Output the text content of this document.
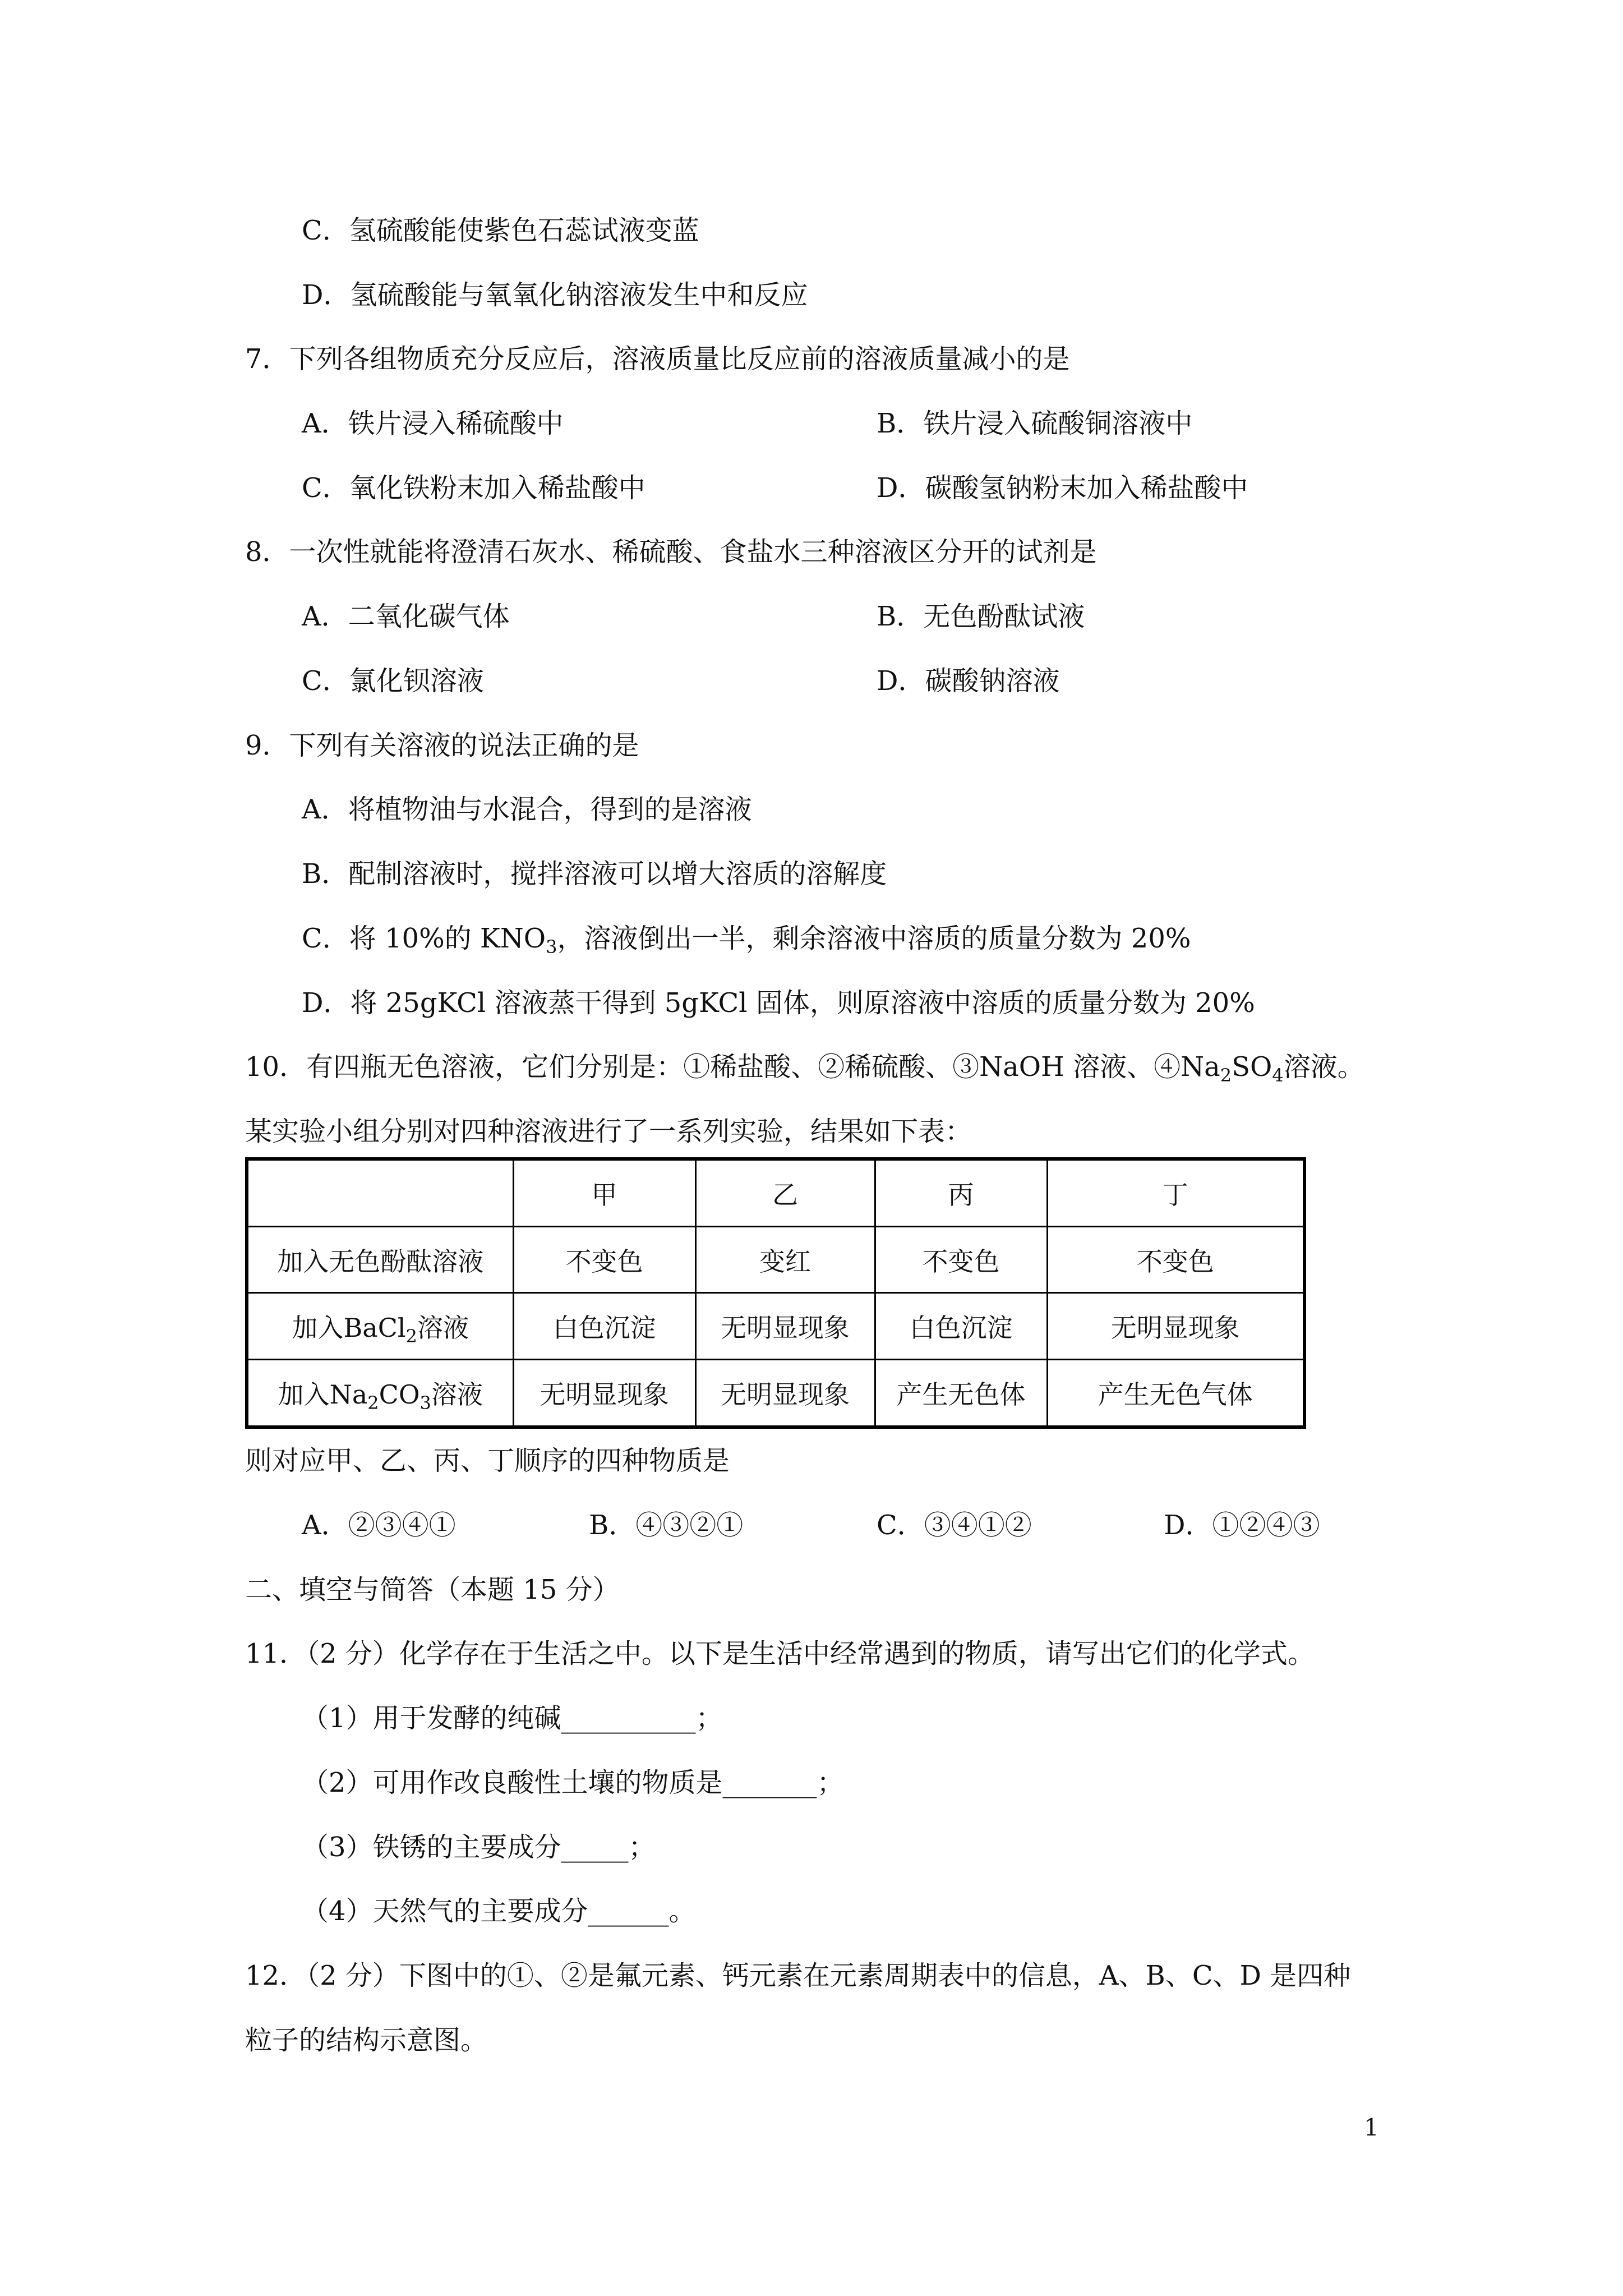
C．氢硫酸能使紫色石蕊试液变蓝
D．氢硫酸能与氧氧化钠溶液发生中和反应
7．下列各组物质充分反应后，溶液质量比反应前的溶液质量减小的是
A．铁片浸入稀硫酸中	B．铁片浸入硫酸铜溶液中
C．氧化铁粉末加入稀盐酸中	D．碳酸氢钠粉末加入稀盐酸中
8．一次性就能将澄清石灰水、稀硫酸、食盐水三种溶液区分开的试剂是
A．二氧化碳气体	B．无色酚酞试液
C．氯化钡溶液	D．碳酸钠溶液
9．下列有关溶液的说法正确的是
A．将植物油与水混合，得到的是溶液
B．配制溶液时，搅拌溶液可以增大溶质的溶解度
C．将 10%的 $KNO_3$，溶液倒出一半，剩余溶液中溶质的质量分数为 20%
D．将 25gKCl 溶液蒸干得到 5gKCl 固体，则原溶液中溶质的质量分数为 20%
10．有四瓶无色溶液，它们分别是：①稀盐酸、②稀硫酸、③NaOH 溶液、$④Na_2SO_4$溶液。
某实验小组分别对四种溶液进行了一系列实验，结果如下表：
	甲	乙	丙	丁
加入无色酚酞溶液	不变色	变红	不变色	不变色
加入BaCl$_2$溶液	白色沉淀	无明显现象	白色沉淀	无明显现象
加入$Na_2CO_3$溶液	无明显现象	无明显现象	产生无色体	产生无色气体
则对应甲、乙、丙、丁顺序的四种物质是
A．②③④①	B．④③②①	C．③④①②	D．①②④③
二、填空与简答（本题 15 分）
11．（2 分）化学存在于生活之中。以下是生活中经常遇到的物质，请写出它们的化学式。
（1）用于发酵的纯碱__________；
（2）可用作改良酸性土壤的物质是_______；
（3）铁锈的主要成分_____；
（4）天然气的主要成分______。
12．（2 分）下图中的①、②是氟元素、钙元素在元素周期表中的信息，A、B、C、D 是四种
粒子的结构示意图。
1
